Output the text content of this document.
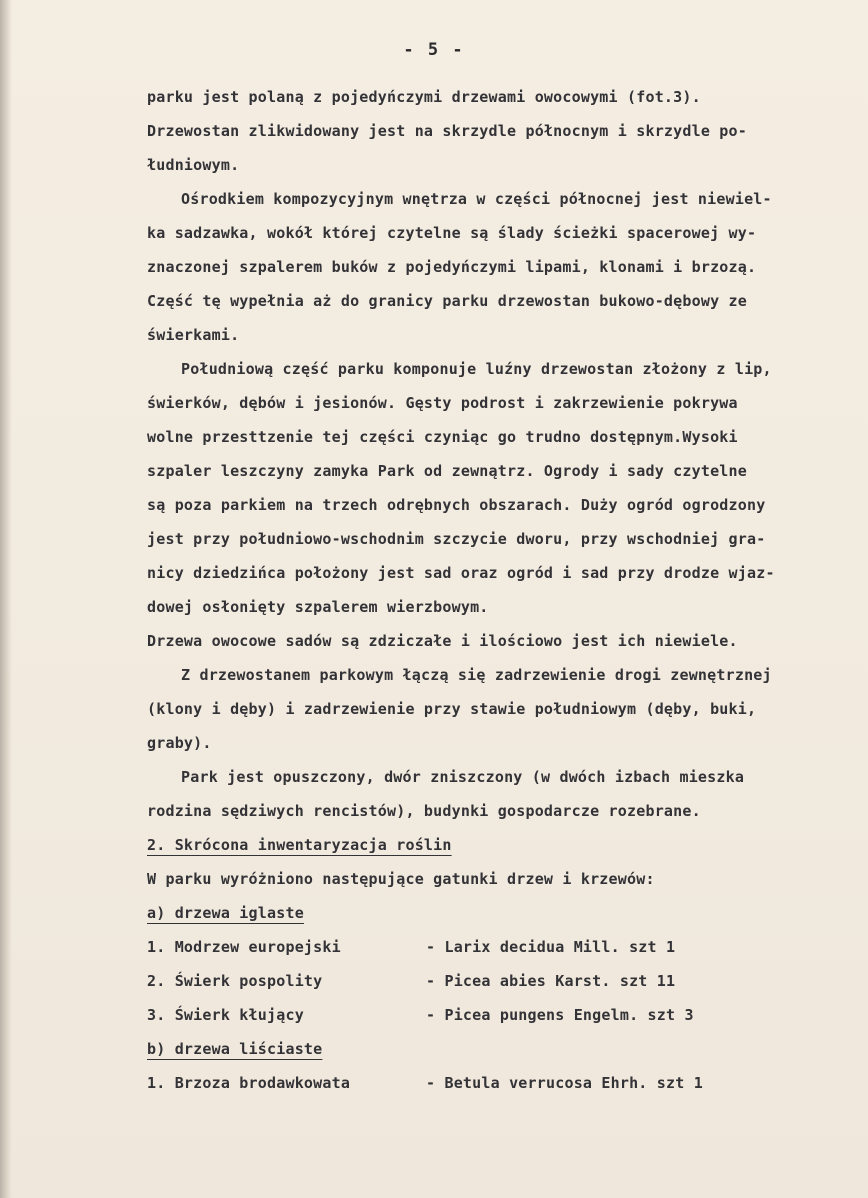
- 5 -
parku jest polaną z pojedyńczymi drzewami owocowymi (fot.3).
Drzewostan zlikwidowany jest na skrzydle północnym i skrzydle po-
łudniowym.
Ośrodkiem kompozycyjnym wnętrza w części północnej jest niewiel-
ka sadzawka, wokół której czytelne są ślady ścieżki spacerowej wy-
znaczonej szpalerem buków z pojedyńczymi lipami, klonami i brzozą.
Część tę wypełnia aż do granicy parku drzewostan bukowo-dębowy ze
świerkami.
Południową część parku komponuje luźny drzewostan złożony z lip,
świerków, dębów i jesionów. Gęsty podrost i zakrzewienie pokrywa
wolne przesttzenie tej części czyniąc go trudno dostępnym.Wysoki
szpaler leszczyny zamyka Park od zewnątrz. Ogrody i sady czytelne
są poza parkiem na trzech odrębnych obszarach. Duży ogród ogrodzony
jest przy południowo-wschodnim szczycie dworu, przy wschodniej gra-
nicy dziedzińca położony jest sad oraz ogród i sad przy drodze wjaz-
dowej osłonięty szpalerem wierzbowym.
Drzewa owocowe sadów są zdziczałe i ilościowo jest ich niewiele.
Z drzewostanem parkowym łączą się zadrzewienie drogi zewnętrznej
(klony i dęby) i zadrzewienie przy stawie południowym (dęby, buki,
graby).
Park jest opuszczony, dwór zniszczony (w dwóch izbach mieszka
rodzina sędziwych rencistów), budynki gospodarcze rozebrane.
2. Skrócona inwentaryzacja roślin
W parku wyróżniono następujące gatunki drzew i krzewów:
a) drzewa iglaste
1. Modrzew europejski	- Larix decidua Mill. szt 1
2. Świerk pospolity	- Picea abies Karst. szt 11
3. Świerk kłujący	- Picea pungens Engelm. szt 3
b) drzewa liściaste
1. Brzoza brodawkowata	- Betula verrucosa Ehrh. szt 1
